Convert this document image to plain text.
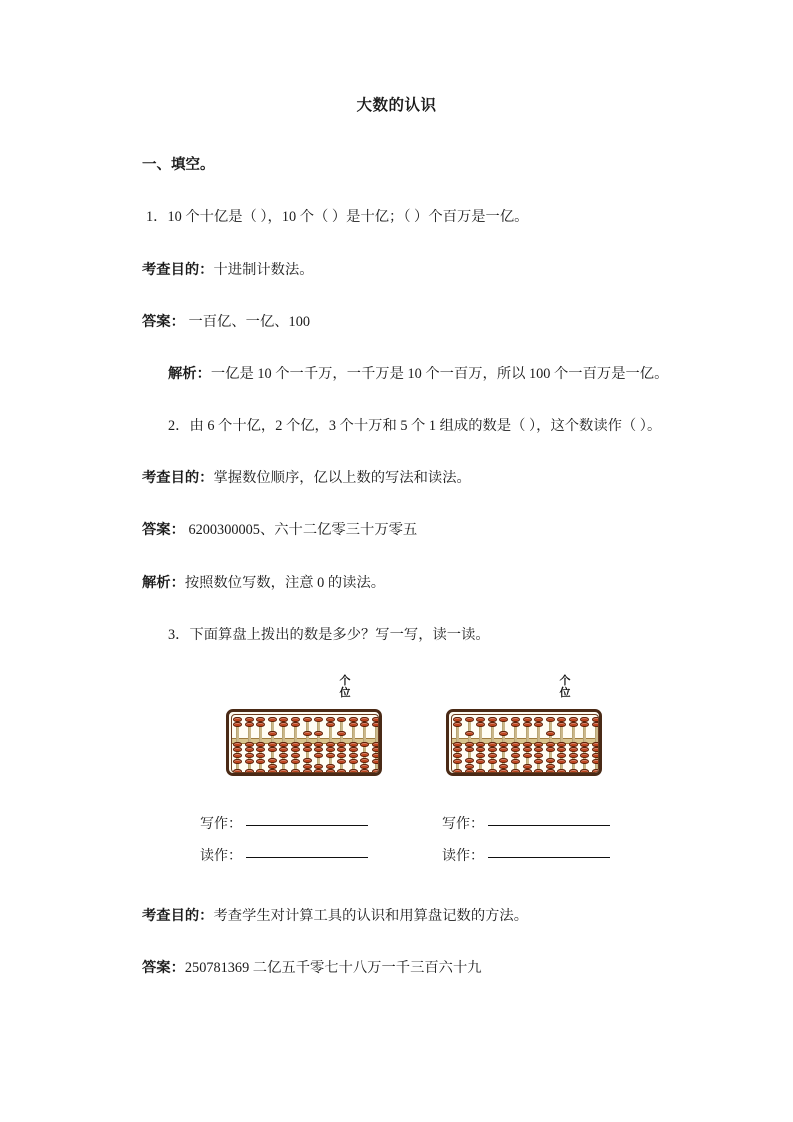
大数的认识
一、填空。

1．10 个十亿是（ ），10 个（ ）是十亿；（ ）个百万是一亿。

考查目的：十进制计数法。

答案： 一百亿、一亿、100

解析：一亿是 10 个一千万，一千万是 10 个一百万，所以 100 个一百万是一亿。

2．由 6 个十亿，2 个亿，3 个十万和 5 个 1 组成的数是（ ），这个数读作（ ）。

考查目的：掌握数位顺序，亿以上数的写法和读法。

答案： 6200300005、六十二亿零三十万零五

解析：按照数位写数，注意 0 的读法。

3．下面算盘上拨出的数是多少？写一写，读一读。

个
位
个
位
写作：
读作：
写作：
读作：

考查目的：考查学生对计算工具的认识和用算盘记数的方法。

答案：250781369 二亿五千零七十八万一千三百六十九
